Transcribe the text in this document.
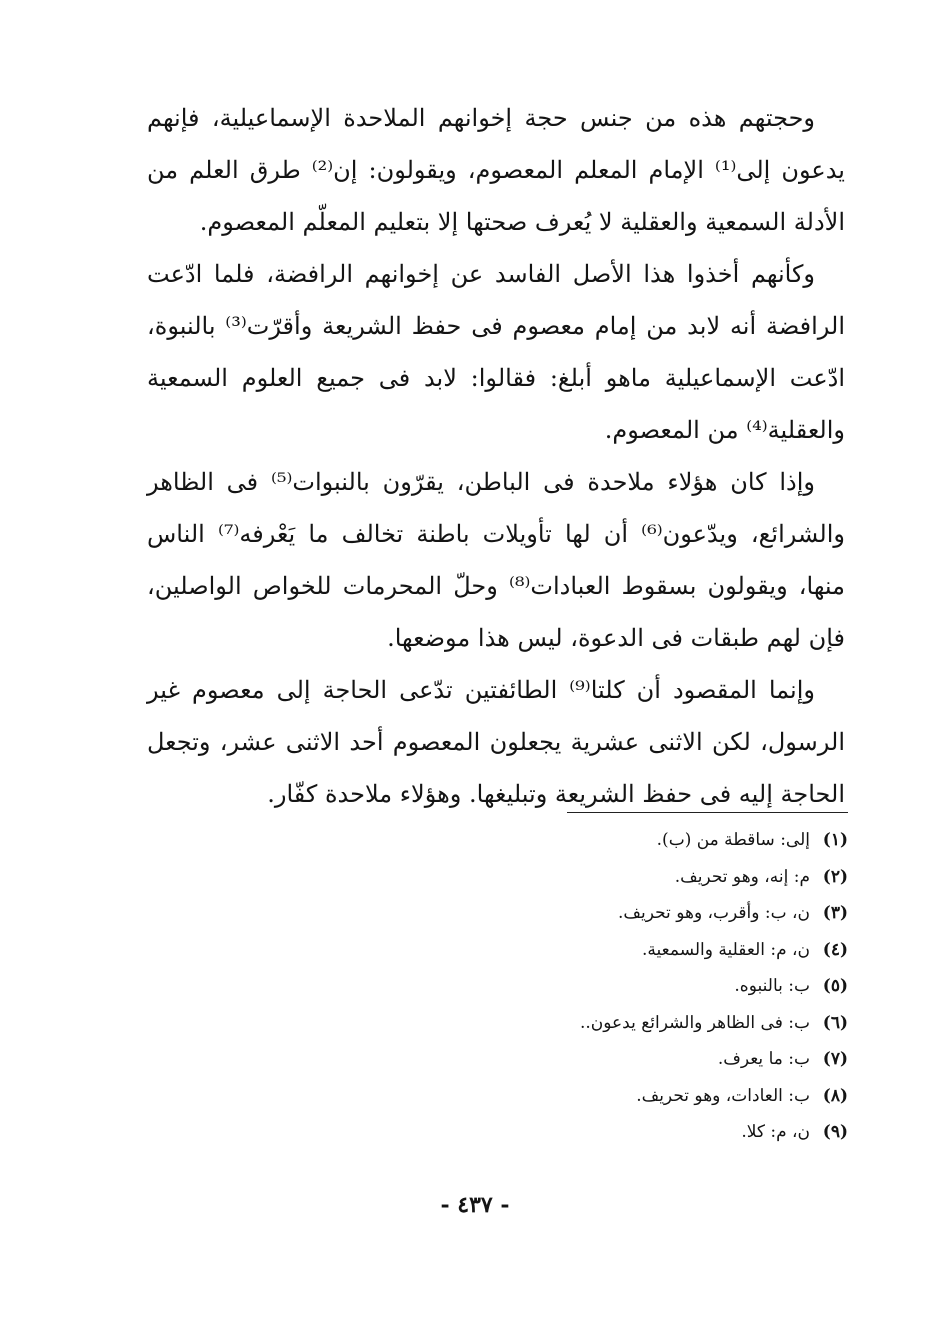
وحجتهم هذه من جنس حجة إخوانهم الملاحدة الإسماعيلية، فإنهم يدعون إلى⁽¹⁾ الإمام المعلم المعصوم، ويقولون: إن⁽²⁾ طرق العلم من الأدلة السمعية والعقلية لا يُعرف صحتها إلا بتعليم المعلّم المعصوم.

وكأنهم أخذوا هذا الأصل الفاسد عن إخوانهم الرافضة، فلما ادّعت الرافضة أنه لابد من إمام معصوم فى حفظ الشريعة وأقرّت⁽³⁾ بالنبوة، ادّعت الإسماعيلية ماهو أبلغ: فقالوا: لابد فى جميع العلوم السمعية والعقلية⁽⁴⁾ من المعصوم.

وإذا كان هؤلاء ملاحدة فى الباطن، يقرّون بالنبوات⁽⁵⁾ فى الظاهر والشرائع، ويدّعون⁽⁶⁾ أن لها تأويلات باطنة تخالف ما يَعْرفه⁽⁷⁾ الناس منها، ويقولون بسقوط العبادات⁽⁸⁾ وحلّ المحرمات للخواص الواصلين، فإن لهم طبقات فى الدعوة، ليس هذا موضعها.

وإنما المقصود أن كلتا⁽⁹⁾ الطائفتين تدّعى الحاجة إلى معصوم غير الرسول، لكن الاثنى عشرية يجعلون المعصوم أحد الاثنى عشر، وتجعل الحاجة إليه فى حفظ الشريعة وتبليغها. وهؤلاء ملاحدة كفّار.

(١)
إلى: ساقطة من (ب).
(٢)
م: إنه، وهو تحريف.
(٣)
ن، ب: وأقرب، وهو تحريف.
(٤)
ن، م: العقلية والسمعية.
(٥)
ب: بالنبوه.
(٦)
ب: فى الظاهر والشرائع يدعون..
(٧)
ب: ما يعرف.
(٨)
ب: العادات، وهو تحريف.
(٩)
ن، م: كلا.
- ٤٣٧ -
